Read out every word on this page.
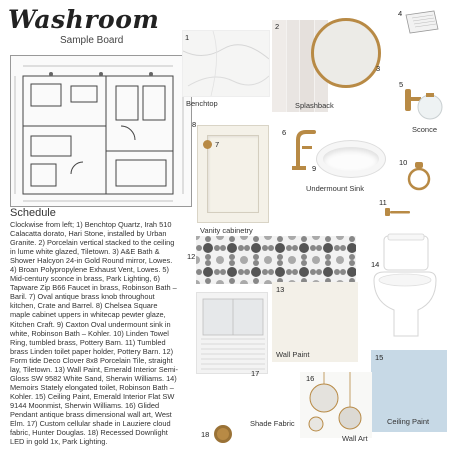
Washroom
Sample Board
Schedule
Clockwise from left; 1) Benchtop Quartz, Irah 510 Calacatta dorato, Hari Stone, installed by Urban Granite. 2) Porcelain vertical stacked to the ceiling in lume white glazed, Tiletown. 3) A&E Bath & Shower Halcyon 24-in Gold Round mirror, Lowes. 4) Broan Polypropylene Exhaust Vent, Lowes. 5) Mid-century sconce in brass, Park Lighting, 6) Tapware Zip B66 Faucet in brass, Robinson Bath – Baril. 7) Oval antique brass knob throughout kitchen, Crate and Barrel. 8) Chelsea Square maple cabinet uppers in whitecap pewter glaze, Kitchen Craft. 9) Caxton Oval undermount sink in white, Robinson Bath – Kohler. 10) Linden Towel Ring, tumbled brass, Pottery Barn. 11) Tumbled brass Linden toilet paper holder, Pottery Barn. 12) Form tide Deco Clover 8x8 Porcelain Tile, straight lay, Tiletown. 13) Wall Paint, Emerald Interior Semi-Gloss SW 9582 White Sand, Sherwin Williams. 14) Memoirs Stately elongated toilet, Robinson Bath – Kohler. 15) Ceiling Paint, Emerald Interior Flat SW 9144 Moonmist, Sherwin Williams. 16) Glided Pendant antique brass dimensional wall art, West Elm. 17) Custom cellular shade in Lauziere cloud fabric, Hunter Douglas. 18) Recessed Downlight LED in gold 1x, Park Lighting.
1
Benchtop
2
Splashback
3
4
5
Sconce
8
Vanity cabinetry
7
6
9
Undermount Sink
10
11
12
13
Wall Paint
14
15
Ceiling Paint
16
Wall Art
17
Shade Fabric
18
